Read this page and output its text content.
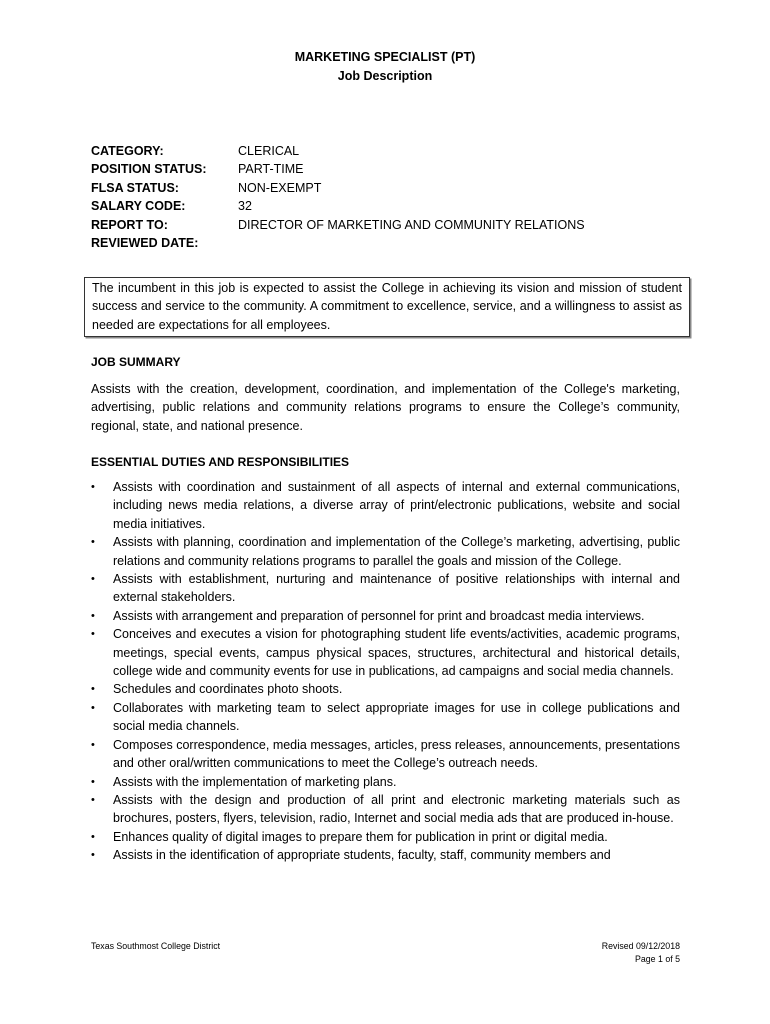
MARKETING SPECIALIST (PT)
Job Description
CATEGORY:	CLERICAL
POSITION STATUS:	PART-TIME
FLSA STATUS:	NON-EXEMPT
SALARY CODE:	32
REPORT TO:	DIRECTOR OF MARKETING AND COMMUNITY RELATIONS
REVIEWED DATE:
The incumbent in this job is expected to assist the College in achieving its vision and mission of student success and service to the community. A commitment to excellence, service, and a willingness to assist as needed are expectations for all employees.
JOB SUMMARY
Assists with the creation, development, coordination, and implementation of the College's marketing, advertising, public relations and community relations programs to ensure the College’s community, regional, state, and national presence.
ESSENTIAL DUTIES AND RESPONSIBILITIES
• Assists with coordination and sustainment of all aspects of internal and external communications, including news media relations, a diverse array of print/electronic publications, website and social media initiatives.
• Assists with planning, coordination and implementation of the College’s marketing, advertising, public relations and community relations programs to parallel the goals and mission of the College.
• Assists with establishment, nurturing and maintenance of positive relationships with internal and external stakeholders.
• Assists with arrangement and preparation of personnel for print and broadcast media interviews.
• Conceives and executes a vision for photographing student life events/activities, academic programs, meetings, special events, campus physical spaces, structures, architectural and historical details, college wide and community events for use in publications, ad campaigns and social media channels.
• Schedules and coordinates photo shoots.
• Collaborates with marketing team to select appropriate images for use in college publications and social media channels.
• Composes correspondence, media messages, articles, press releases, announcements, presentations and other oral/written communications to meet the College’s outreach needs.
• Assists with the implementation of marketing plans.
• Assists with the design and production of all print and electronic marketing materials such as brochures, posters, flyers, television, radio, Internet and social media ads that are produced in-house.
• Enhances quality of digital images to prepare them for publication in print or digital media.
• Assists in the identification of appropriate students, faculty, staff, community members and
Texas Southmost College District	Revised 09/12/2018
Page 1 of 5
